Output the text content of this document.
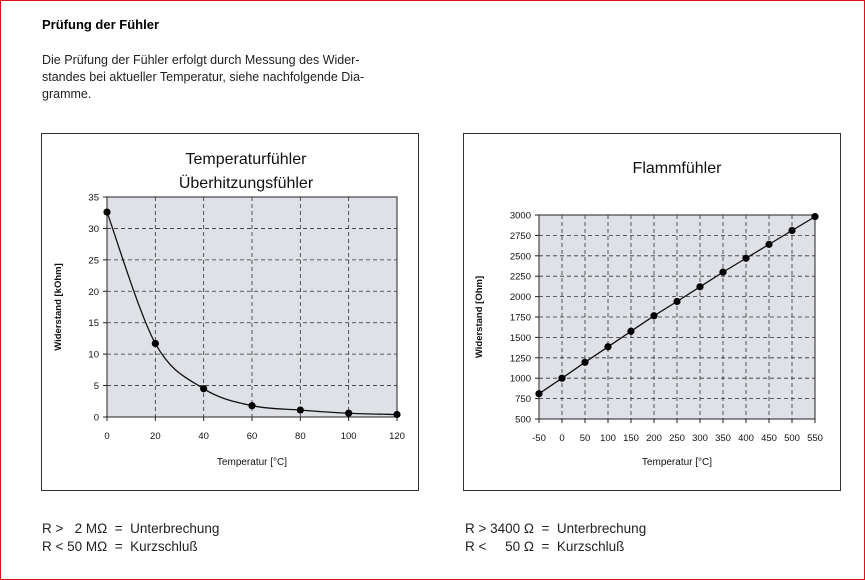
Prüfung der Fühler
Die Prüfung der Fühler erfolgt durch Messung des Wider-
standes bei aktueller Temperatur, siehe nachfolgende Dia-
gramme.
0	20	40	60	80	100	120
0
5
10
15
20
25
30
35
Temperaturfühler
Überhitzungsfühler
Temperatur [°C]
Widerstand [kOhm]
-50 0 50 100 150 200 250 300 350 400 450 500 550
500
750
1000
1250
1500
1750
2000
2250
2500
2750
3000
Flammfühler
Temperatur [°C]
Widerstand [Ohm]
R >   2 MΩ  =  Unterbrechung
R < 50 MΩ  =  Kurzschluß
R > 3400 Ω  =  Unterbrechung
R <     50 Ω  =  Kurzschluß
